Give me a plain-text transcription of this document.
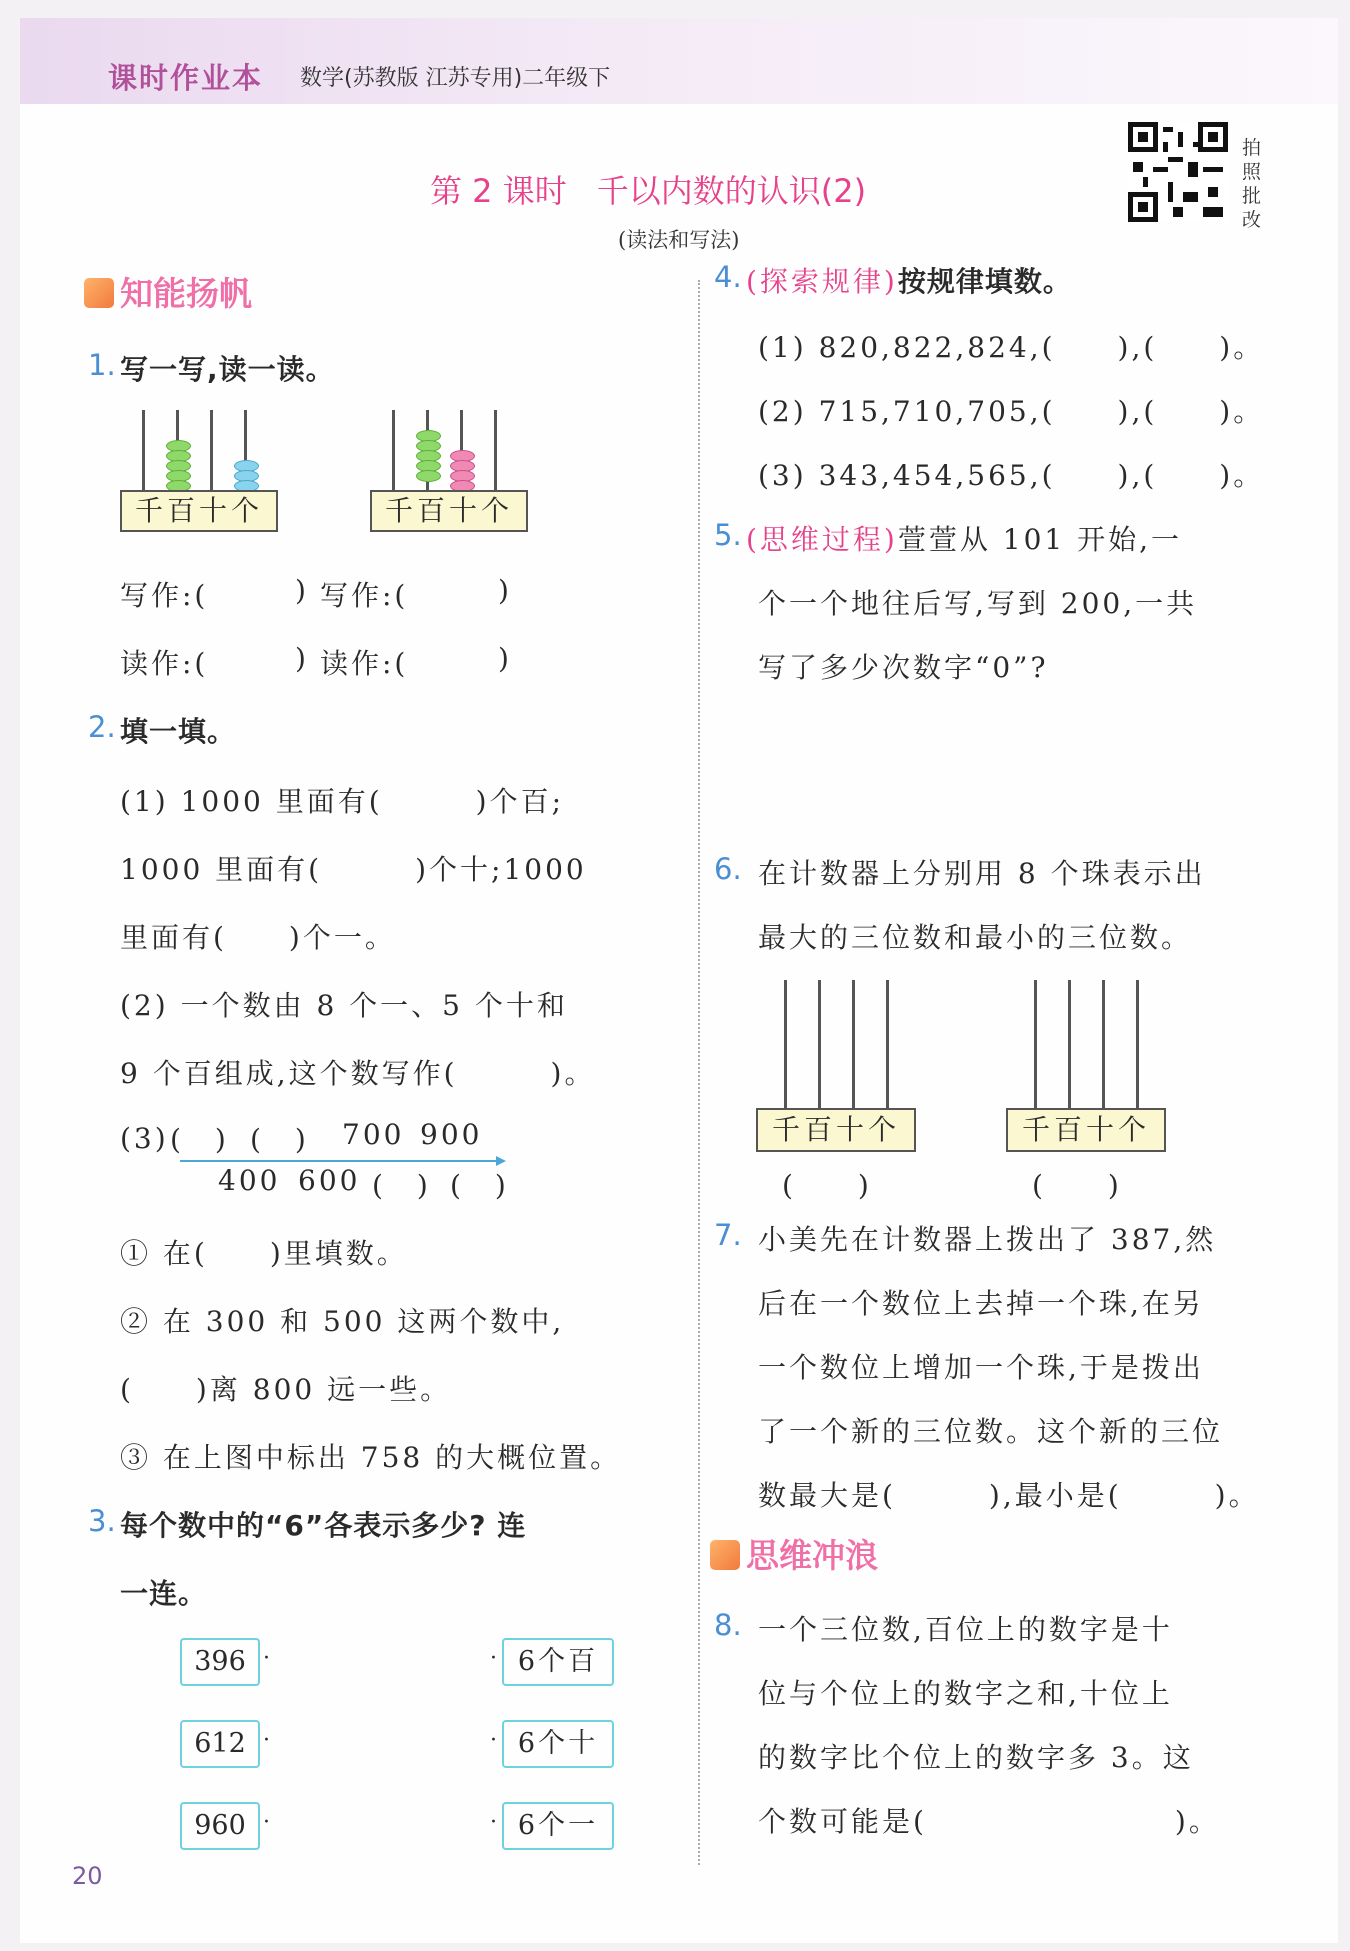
课时作业本 数学(苏教版 江苏专用)二年级下
第 2 课时 千以内数的认识(2)
(读法和写法)
拍照批改
知能扬帆
1. 写一写,读一读。
千百十个	千百十个
写作:(	) 写作:(	)
读作:(	) 读作:(	)
2. 填一填。
(1) 1000 里面有(　　　)个百;
1000 里面有(　　　)个十;1000
里面有(　　)个一。
(2) 一个数由 8 个一、5 个十和
9 个百组成,这个数写作(　　　)。
(3) (　) (　) 700 900
400 600 (　) (　)
① 在(　　)里填数。
② 在 300 和 500 这两个数中,
(　　)离 800 远一些。
③ 在上图中标出 758 的大概位置。
3. 每个数中的“6”各表示多少? 连
一连。
396
612
960
·
·
·
·
·
·
6个百
6个十
6个一
4. (探索规律)按规律填数。
(1) 820,822,824,(　　),(　　)。
(2) 715,710,705,(　　),(　　)。
(3) 343,454,565,(　　),(　　)。
5. (思维过程)萱萱从 101 开始,一
个一个地往后写,写到 200,一共
写了多少次数字“0”?
6. 在计数器上分别用 8 个珠表示出
最大的三位数和最小的三位数。
千百十个	千百十个
(　　)	(　　)
7. 小美先在计数器上拨出了 387,然
后在一个数位上去掉一个珠,在另
一个数位上增加一个珠,于是拨出
了一个新的三位数。这个新的三位
数最大是(　　　),最小是(　　　)。
思维冲浪
8. 一个三位数,百位上的数字是十
位与个位上的数字之和,十位上
的数字比个位上的数字多 3。这
个数可能是(　　　　　　　　)。
20
